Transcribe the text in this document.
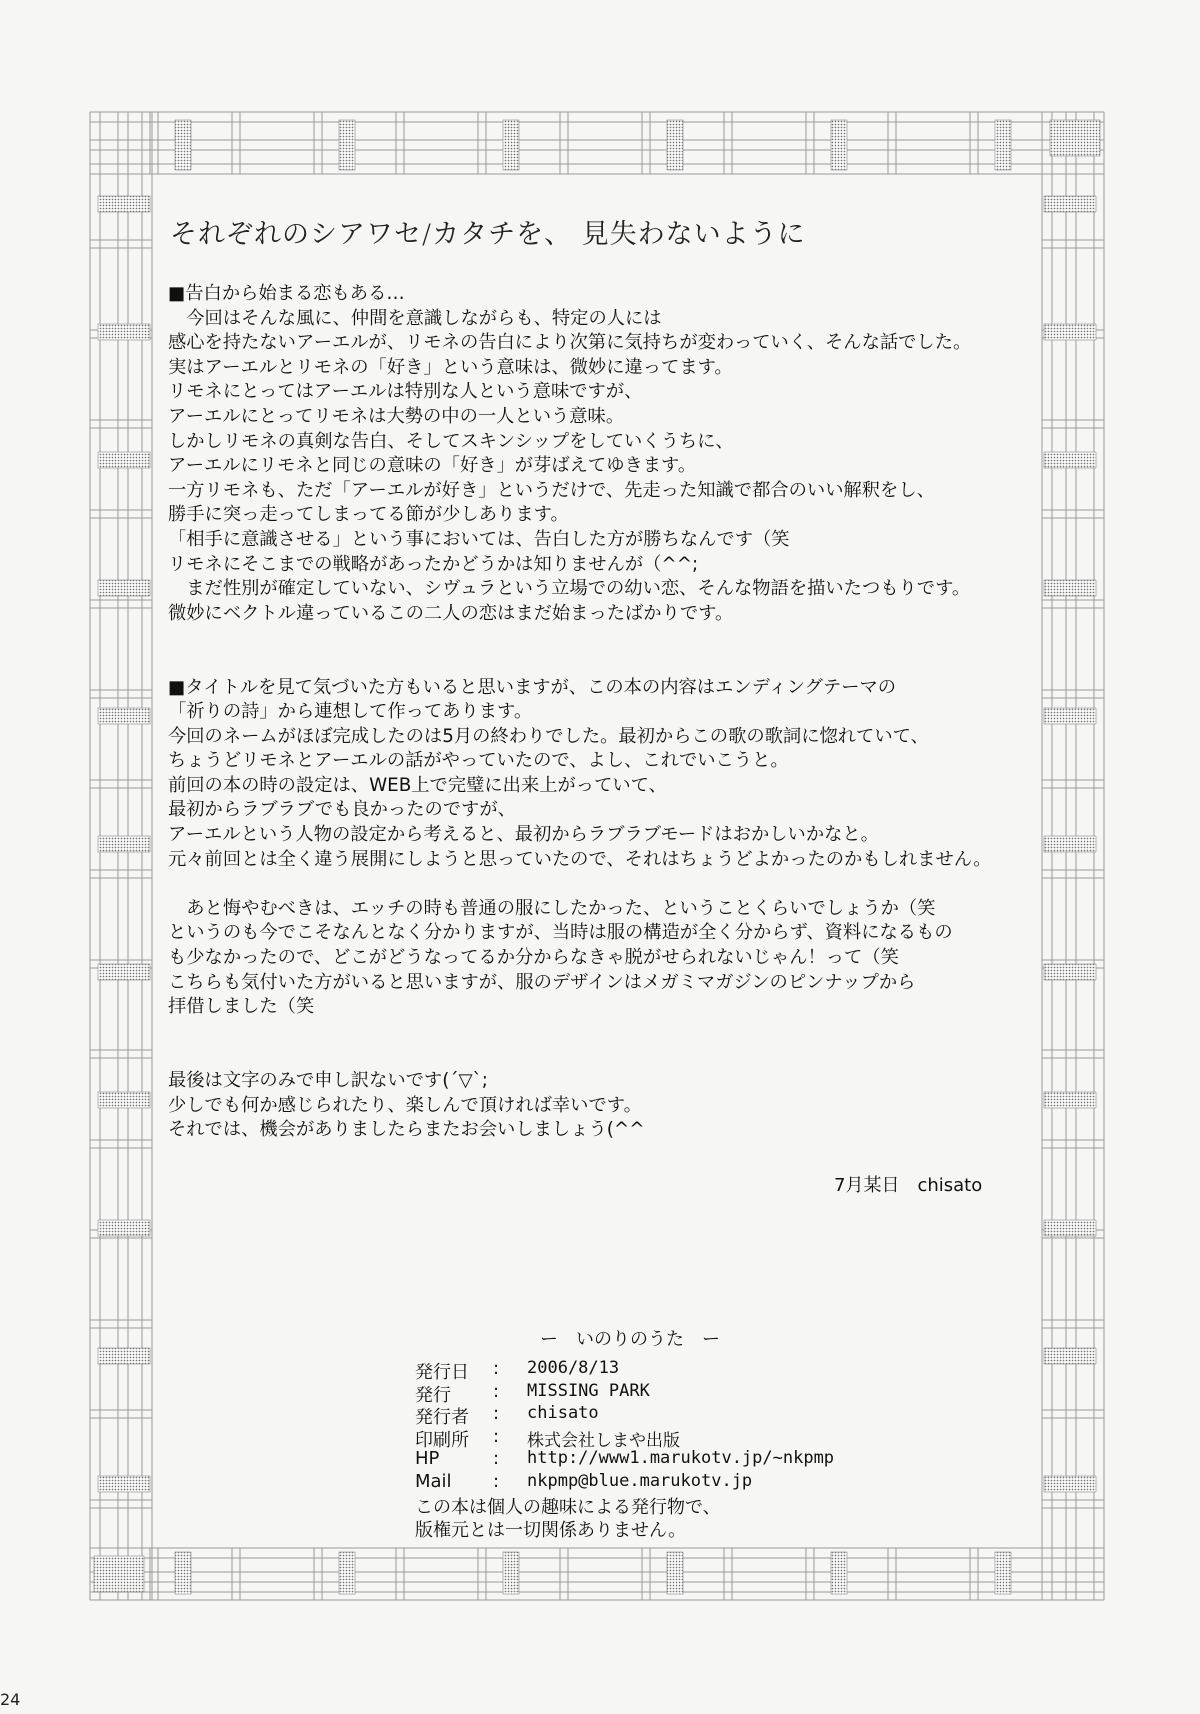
それぞれのシアワセ/カタチを、 見失わないように
■告白から始まる恋もある…
　今回はそんな風に、仲間を意識しながらも、特定の人には
感心を持たないアーエルが、リモネの告白により次第に気持ちが変わっていく、そんな話でした。
実はアーエルとリモネの「好き」という意味は、微妙に違ってます。
リモネにとってはアーエルは特別な人という意味ですが、
アーエルにとってリモネは大勢の中の一人という意味。
しかしリモネの真剣な告白、そしてスキンシップをしていくうちに、
アーエルにリモネと同じの意味の「好き」が芽ばえてゆきます。
一方リモネも、ただ「アーエルが好き」というだけで、先走った知識で都合のいい解釈をし、
勝手に突っ走ってしまってる節が少しあります。
「相手に意識させる」という事においては、告白した方が勝ちなんです（笑
リモネにそこまでの戦略があったかどうかは知りませんが（^^;
　まだ性別が確定していない、シヴュラという立場での幼い恋、そんな物語を描いたつもりです。
微妙にベクトル違っているこの二人の恋はまだ始まったばかりです。
■タイトルを見て気づいた方もいると思いますが、この本の内容はエンディングテーマの
「祈りの詩」から連想して作ってあります。
今回のネームがほぼ完成したのは5月の終わりでした。最初からこの歌の歌詞に惚れていて、
ちょうどリモネとアーエルの話がやっていたので、よし、これでいこうと。
前回の本の時の設定は、WEB上で完璧に出来上がっていて、
最初からラブラブでも良かったのですが、
アーエルという人物の設定から考えると、最初からラブラブモードはおかしいかなと。
元々前回とは全く違う展開にしようと思っていたので、それはちょうどよかったのかもしれません。
　あと悔やむべきは、エッチの時も普通の服にしたかった、ということくらいでしょうか（笑
というのも今でこそなんとなく分かりますが、当時は服の構造が全く分からず、資料になるもの
も少なかったので、どこがどうなってるか分からなきゃ脱がせられないじゃん！って（笑
こちらも気付いた方がいると思いますが、服のデザインはメガミマガジンのピンナップから
拝借しました（笑
最後は文字のみで申し訳ないです(´▽`;
少しでも何か感じられたり、楽しんで頂ければ幸いです。
それでは、機会がありましたらまたお会いしましょう(^^
7月某日　chisato
ー　いのりのうた　ー
発行日 : 2006/8/13
発行 : MISSING PARK
発行者 : chisato
印刷所 : 株式会社しまや出版
HP	: http://www1.marukotv.jp/~nkpmp
Mail : nkpmp@blue.marukotv.jp
この本は個人の趣味による発行物で、
版権元とは一切関係ありません。
24
